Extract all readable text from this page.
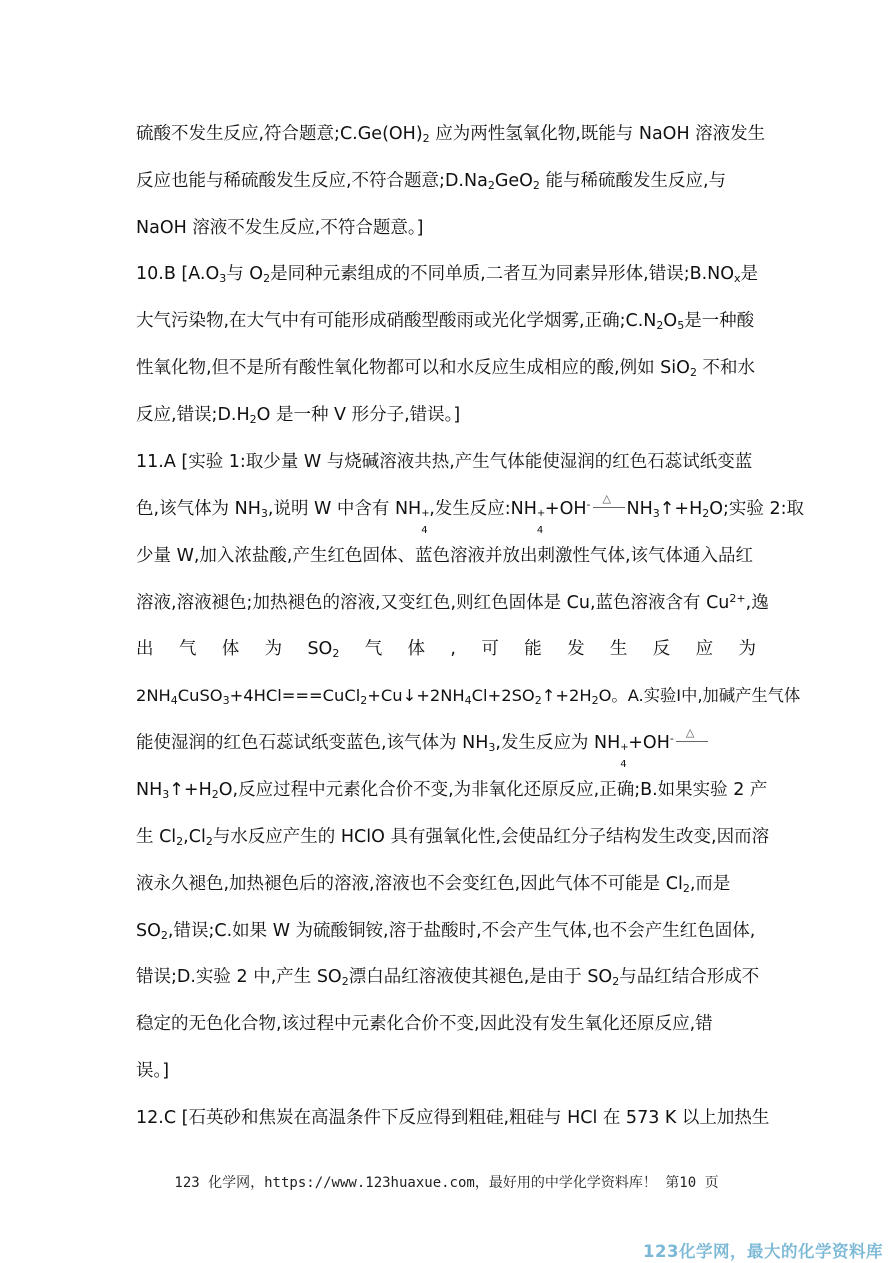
硫酸不发生反应,符合题意$;C.Ge(OH)_2$ 应为两性氢氧化物,既能与 NaOH 溶液发生
反应也能与稀硫酸发生反应,不符合题意$;D.Na_2GeO_2$ 能与稀硫酸发生反应,与
NaOH 溶液不发生反应,不符合题意。]
10.B [$A.O_3$与 $O_2$是同种元素组成的不同单质,二者互为同素异形体,错误$;B.NO_x$是
大气污染物,在大气中有可能形成硝酸型酸雨或光化学烟雾,正确$;C.N_2O_5$是一种酸
性氧化物,但不是所有酸性氧化物都可以和水反应生成相应的酸,例如 SiO$_2$ 不和水
反应,错误$;D.H_2O$ 是一种 V 形分子,错误。]
11.A [实验 1:取少量 W 与烧碱溶液共热,产生气体能使湿润的红色石蕊试纸变蓝
色,该气体为 $NH_3$,说明 W 中含有 NH +
4
,发生反应:NH +
4
+OH- △
$NH_3↑+H_2O$;实验 2:取
少量 W,加入浓盐酸,产生红色固体、蓝色溶液并放出刺激性气体,该气体通入品红
溶液,溶液褪色;加热褪色的溶液,又变红色,则红色固体是 Cu,蓝色溶液含有 $Cu^{2+}$,逸
出 气 体 为 $SO_2$ 气 体 , 可 能 发 生 反 应 为
$2NH_4CuSO_3+4HCl===CuCl_2+Cu↓+2NH_4Cl+2SO_2↑+2H_2O$。A.实验Ⅰ中,加碱产生气体
能使湿润的红色石蕊试纸变蓝色,该气体为 $NH_3$,发生反应为 NH +
4
+OH- △
$NH_3↑+H_2O$,反应过程中元素化合价不变,为非氧化还原反应,正确;B.如果实验 2 产
生 $Cl_2,Cl_2$与水反应产生的 HClO 具有强氧化性,会使品红分子结构发生改变,因而溶
液永久褪色,加热褪色后的溶液,溶液也不会变红色,因此气体不可能是 $Cl_2$,而是
$SO_2$,错误;C.如果 W 为硫酸铜铵,溶于盐酸时,不会产生气体,也不会产生红色固体,
错误;D.实验 2 中,产生 $SO_2$漂白品红溶液使其褪色,是由于 $SO_2$与品红结合形成不
稳定的无色化合物,该过程中元素化合价不变,因此没有发生氧化还原反应,错
误。]
12.C [石英砂和焦炭在高温条件下反应得到粗硅,粗硅与 HCl 在 573 K 以上加热生
123 化学网，https://www.123huaxue.com，最好用的中学化学资料库！ 第10 页
123化学网，最大的化学资料库
